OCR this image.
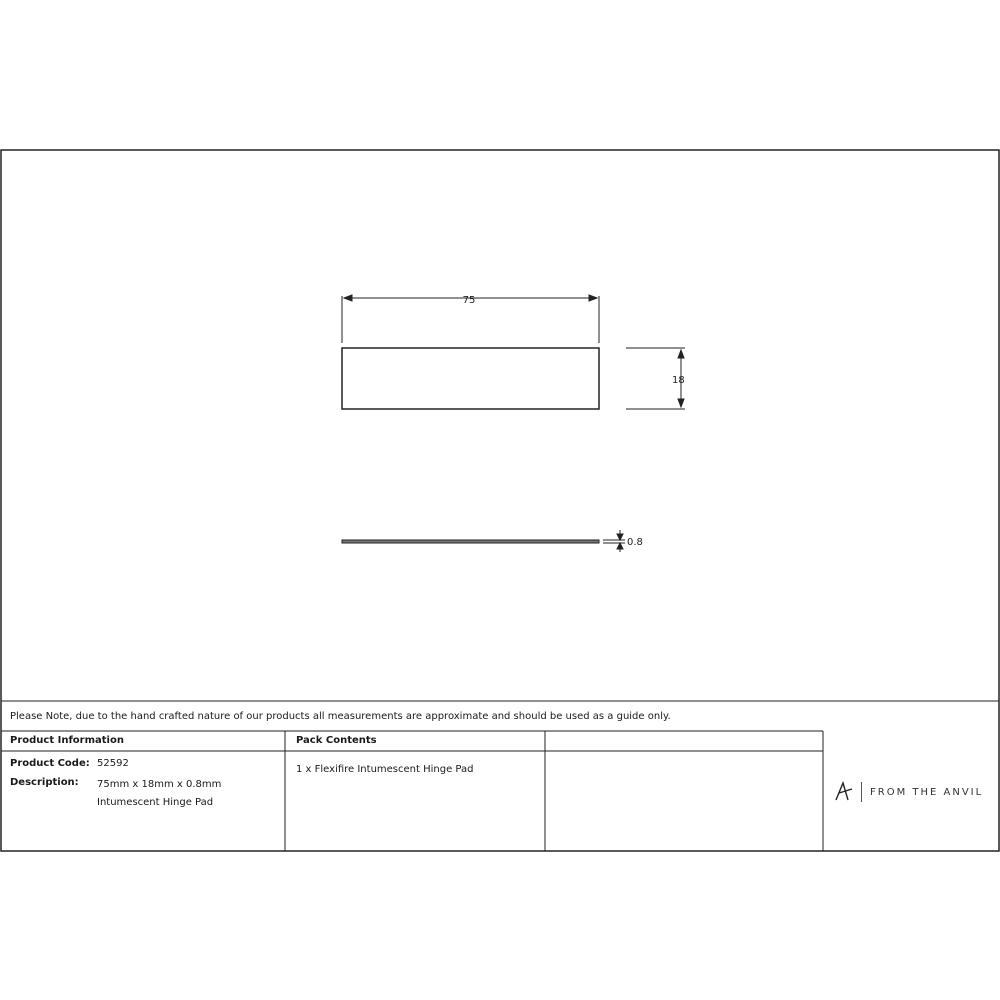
75
18
0.8
Please Note, due to the hand crafted nature of our products all measurements are approximate and should be used as a guide only.
Product Information	Pack Contents
Product Code: 52592
Description: 75mm x 18mm x 0.8mm Intumescent Hinge Pad
1 x Flexifire Intumescent Hinge Pad
FROM THE ANVIL
